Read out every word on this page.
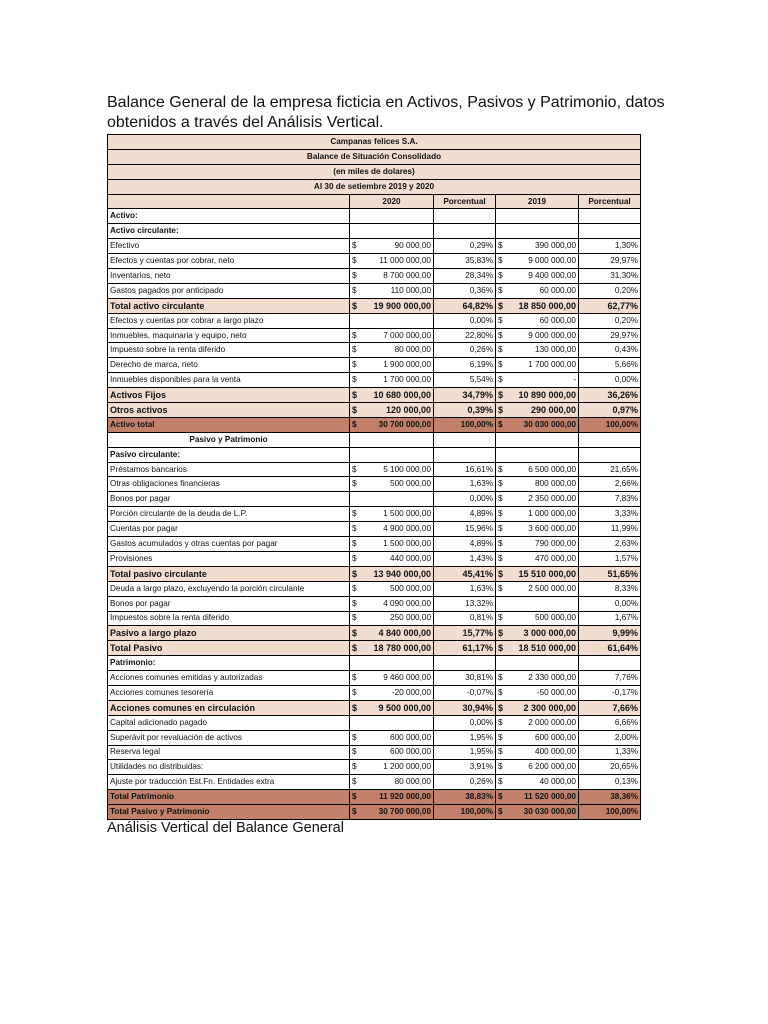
Balance General de la empresa ficticia en Activos, Pasivos y Patrimonio, datos obtenidos a través del Análisis Vertical.
Campanas felices S.A.				
Balance de Situación Consolidado				
(en miles de dolares)				
Al 30 de setiembre 2019 y 2020				
	2020	Porcentual	2019	Porcentual
Activo:				
Activo circulante:				
Efectivo	$ 90 000,00	0,29%	$ 390 000,00	1,30%
Efectos y cuentas por cobrar, neto	$ 11 000 000,00	35,83%	$ 9 000 000,00	29,97%
Inventarios, neto	$ 8 700 000,00	28,34%	$ 9 400 000,00	31,30%
Gastos pagados por anticipado	$ 110 000,00	0,36%	$ 60 000,00	0,20%
Total activo circulante	$ 19 900 000,00	64,82%	$ 18 850 000,00	62,77%
Efectos y cuentas por cobrar a largo plazo		0,00%	$ 60 000,00	0,20%
Inmuebles, maquinaria y equipo, neto	$ 7 000 000,00	22,80%	$ 9 000 000,00	29,97%
Impuesto sobre la renta diferido	$ 80 000,00	0,26%	$ 130 000,00	0,43%
Derecho de marca, neto	$ 1 900 000,00	6,19%	$ 1 700 000,00	5,66%
Inmuebles disponibles para la venta	$ 1 700 000,00	5,54%	$ -	0,00%
Activos Fijos	$ 10 680 000,00	34,79%	$ 10 890 000,00	36,26%
Otros activos	$ 120 000,00	0,39%	$ 290 000,00	0,97%
Activo total	$ 30 700 000,00	100,00%	$ 30 030 000,00	100,00%
Pasivo y Patrimonio				
Pasivo circulante:				
Préstamos bancarios	$ 5 100 000,00	16,61%	$ 6 500 000,00	21,65%
Otras obligaciones financieras	$ 500 000,00	1,63%	$ 800 000,00	2,66%
Bonos por pagar		0,00%	$ 2 350 000,00	7,83%
Porción circulante de la deuda de L.P.	$ 1 500 000,00	4,89%	$ 1 000 000,00	3,33%
Cuentas por pagar	$ 4 900 000,00	15,96%	$ 3 600 000,00	11,99%
Gastos acumulados y otras cuentas por pagar	$ 1 500 000,00	4,89%	$ 790 000,00	2,63%
Provisiones	$ 440 000,00	1,43%	$ 470 000,00	1,57%
Total pasivo circulante	$ 13 940 000,00	45,41%	$ 15 510 000,00	51,65%
Deuda a largo plazo, excluyendo la porción circulante	$ 500 000,00	1,63%	$ 2 500 000,00	8,33%
Bonos por pagar	$ 4 090 000,00	13,32%		0,00%
Impuestos sobre la renta diferido	$ 250 000,00	0,81%	$ 500 000,00	1,67%
Pasivo a largo plazo	$ 4 840 000,00	15,77%	$ 3 000 000,00	9,99%
Total Pasivo	$ 18 780 000,00	61,17%	$ 18 510 000,00	61,64%
Patrimonio:				
Acciones comunes emitidas y autorizadas	$ 9 460 000,00	30,81%	$ 2 330 000,00	7,76%
Acciones comunes tesorería	$ -20 000,00	-0,07%	$ -50 000,00	-0,17%
Acciones comunes en circulación	$ 9 500 000,00	30,94%	$ 2 300 000,00	7,66%
Capital adicionado pagado		0,00%	$ 2 000 000,00	6,66%
Superávit por revaluación de activos	$ 600 000,00	1,95%	$ 600 000,00	2,00%
Reserva legal	$ 600 000,00	1,95%	$ 400 000,00	1,33%
Utilidades no distribuidas:	$ 1 200 000,00	3,91%	$ 6 200 000,00	20,65%
Ajuste por traducción Est.Fn. Entidades extra	$ 80 000,00	0,26%	$ 40 000,00	0,13%
Total Patrimonio	$ 11 920 000,00	38,83%	$ 11 520 000,00	38,36%
Total Pasivo y Patrimonio	$ 30 700 000,00	100,00%	$ 30 030 000,00	100,00%
Análisis Vertical del Balance General
